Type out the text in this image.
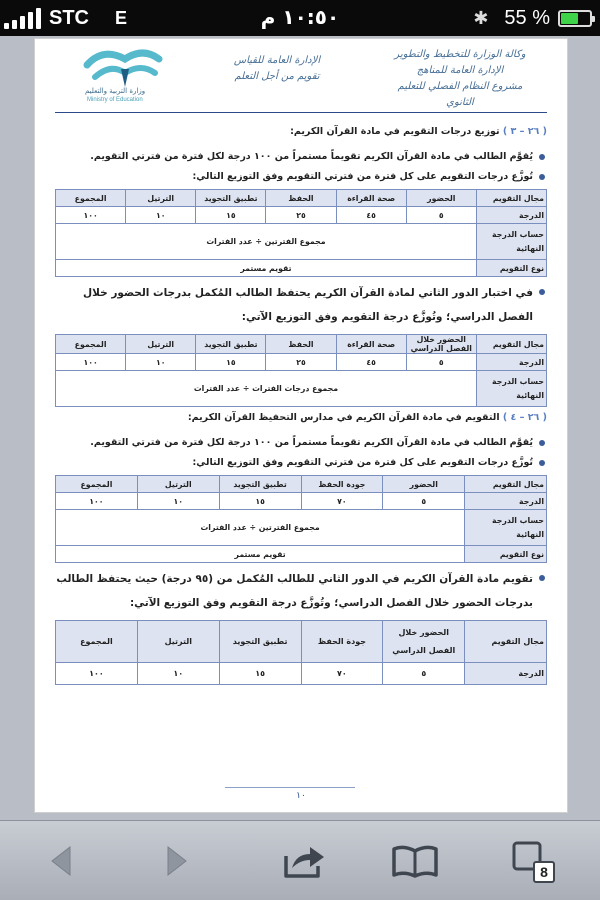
STC E	١٠:٥٠ م	✱ 55 %
وكالة الوزارة للتخطيط والتطوير
الإدارة العامة للمناهج
مشروع النظام الفصلي للتعليم الثانوي
الإدارة العامة للقياس
تقويم من أجل التعلم
وزارة التربية والتعليم
Ministry of Education
( ٢٦ – ٣ ) توزيع درجات التقويم في مادة القرآن الكريم:
يُقوَّم الطالب في مادة القرآن الكريم تقويماً مستمراً من ١٠٠ درجة لكل فترة من فترتي التقويم.
تُوزَّع درجات التقويم على كل فترة من فترتي التقويم وفق التوزيع التالي:
مجال التقويم	الحضور	صحة القراءة	الحفظ	تطبيق التجويد	الترتيل	المجموع
الدرجة	٥	٤٥	٢٥	١٥	١٠	١٠٠
حساب الدرجة النهائية	مجموع الفترتين ÷ عدد الفترات					
نوع التقويم	تقويم مستمر					
في اختبار الدور الثاني لمادة القرآن الكريم يحتفظ الطالب المُكمل بدرجات الحضور خلال
الفصل الدراسي؛ وتُوزَّع درجة التقويم وفق التوزيع الآتي:
مجال التقويم	الحضور خلال الفصل الدراسي	صحة القراءة	الحفظ	تطبيق التجويد	الترتيل	المجموع
الدرجة	٥	٤٥	٢٥	١٥	١٠	١٠٠
حساب الدرجة النهائية	مجموع درجات الفترات ÷ عدد الفترات					
( ٢٦ – ٤ ) التقويم في مادة القرآن الكريم في مدارس التحفيظ القرآن الكريم:
يُقوَّم الطالب في مادة القرآن الكريم تقويماً مستمراً من ١٠٠ درجة لكل فترة من فترتي التقويم.
تُوزَّع درجات التقويم على كل فترة من فترتي التقويم وفق التوزيع التالي:
مجال التقويم	الحضور	جودة الحفظ	تطبيق التجويد	الترتيل	المجموع
الدرجة	٥	٧٠	١٥	١٠	١٠٠
حساب الدرجة النهائية	مجموع الفترتين ÷ عدد الفترات				
نوع التقويم	تقويم مستمر				
تقويم مادة القرآن الكريم في الدور الثاني للطالب المُكمل من (٩٥ درجة) حيث يحتفظ الطالب
بدرجات الحضور خلال الفصل الدراسي؛ وتُوزَّع درجة التقويم وفق التوزيع الآتي:
مجال التقويم	الحضور خلال الفصل الدراسي	جودة الحفظ	تطبيق التجويد	الترتيل	المجموع
الدرجة	٥	٧٠	١٥	١٠	١٠٠
١٠
8
